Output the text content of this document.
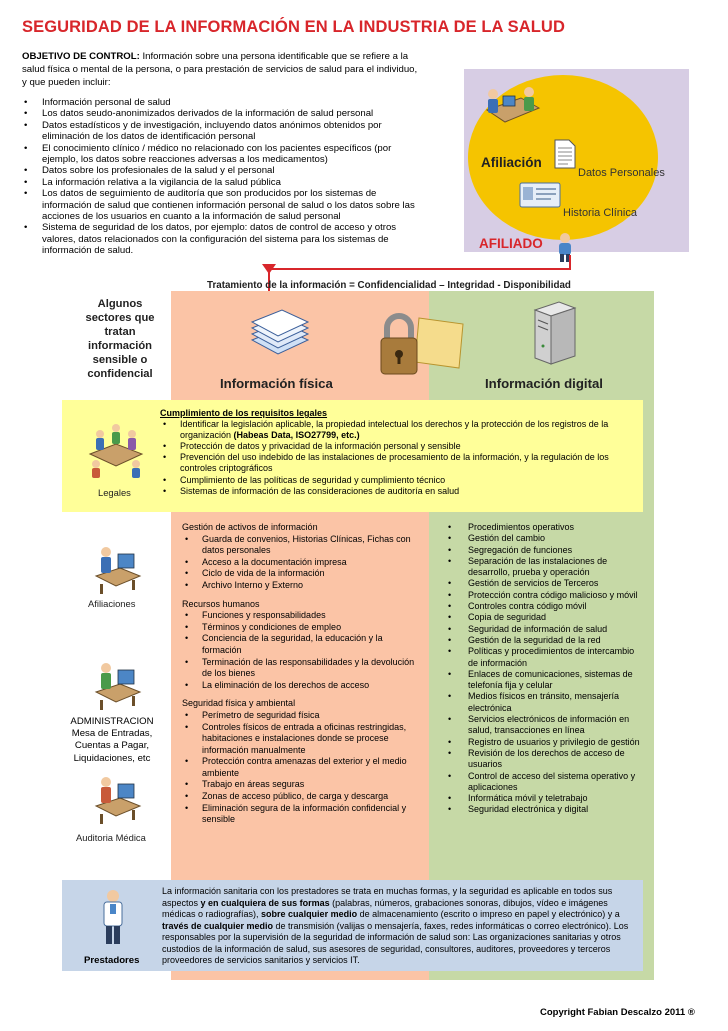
SEGURIDAD DE LA INFORMACIÓN EN LA INDUSTRIA DE LA SALUD
OBJETIVO DE CONTROL: Información sobre una persona identificable que se refiere a la salud física o mental de la persona, o para prestación de servicios de salud para el individuo, y que pueden incluir:
• Información personal de salud
• Los datos seudo-anonimizados derivados de la información de salud personal
• Datos estadísticos y de investigación, incluyendo datos anónimos obtenidos por eliminación de los datos de identificación personal
• El conocimiento clínico / médico no relacionado con los pacientes específicos (por ejemplo, los datos sobre reacciones adversas a los medicamentos)
• Datos sobre los profesionales de la salud y el personal
• La información relativa a la vigilancia de la salud pública
• Los datos de seguimiento de auditoría que son producidos por los sistemas de información de salud que contienen información personal de salud o los datos sobre las acciones de los usuarios en cuanto a la información de salud personal
• Sistema de seguridad de los datos, por ejemplo: datos de control de acceso y otros valores, datos relacionados con la configuración del sistema para los sistemas de información de salud.
Afiliación
Datos Personales
Historia Clínica
AFILIADO
Tratamiento de la información = Confidencialidad – Integridad - Disponibilidad
Algunos sectores que tratan información sensible o confidencial
Información física	Información digital
Cumplimiento de los requisitos legales
• Identificar la legislación aplicable, la propiedad intelectual los derechos y la protección de los registros de la organización (Habeas Data, ISO27799, etc.)
• Protección de datos y privacidad de la información personal y sensible
• Prevención del uso indebido de las instalaciones de procesamiento de la información, y la regulación de los controles criptográficos
• Cumplimiento de las políticas de seguridad y cumplimiento técnico
• Sistemas de información de las consideraciones de auditoría en salud
Legales
Gestión de activos de información
• Guarda de convenios, Historias Clínicas, Fichas con datos personales
• Acceso a la documentación impresa
• Ciclo de vida de la información
• Archivo Interno y Externo
Recursos humanos
• Funciones y responsabilidades
• Términos y condiciones de empleo
• Conciencia de la seguridad, la educación y la formación
• Terminación de las responsabilidades y la devolución de los bienes
• La eliminación de los derechos de acceso
Seguridad física y ambiental
• Perímetro de seguridad física
• Controles físicos de entrada a oficinas restringidas, habitaciones e instalaciones donde se procese información manualmente
• Protección contra amenazas del exterior y el medio ambiente
• Trabajo en áreas seguras
• Zonas de acceso público, de carga y descarga
• Eliminación segura de la información confidencial y sensible
• Procedimientos operativos
• Gestión del cambio
• Segregación de funciones
• Separación de las instalaciones de desarrollo, prueba y operación
• Gestión de servicios de Terceros
• Protección contra código malicioso y móvil
• Controles contra código móvil
• Copia de seguridad
• Seguridad de información de salud
• Gestión de la seguridad de la red
• Políticas y procedimientos de intercambio de información
• Enlaces de comunicaciones, sistemas de telefonía fija y celular
• Medios físicos en tránsito, mensajería electrónica
• Servicios electrónicos de información en salud, transacciones en línea
• Registro de usuarios y privilegio de gestión
• Revisión de los derechos de acceso de usuarios
• Control de acceso del sistema operativo y aplicaciones
• Informática móvil y teletrabajo
• Seguridad electrónica y digital
Afiliaciones
ADMINISTRACION Mesa de Entradas, Cuentas a Pagar, Liquidaciones, etc
Auditoria Médica
Prestadores
La información sanitaria con los prestadores se trata en muchas formas, y la seguridad es aplicable en todos sus aspectos y en cualquiera de sus formas (palabras, números, grabaciones sonoras, dibujos, vídeo e imágenes médicas o radiografías), sobre cualquier medio de almacenamiento (escrito o impreso en papel y electrónico) y a través de cualquier medio de transmisión (valijas o mensajería, faxes, redes informáticas o correo electrónico). Los responsables por la supervisión de la seguridad de información de salud son: Las organizaciones sanitarias y otros custodios de la información de salud, sus asesores de seguridad, consultores, auditores, proveedores y terceros proveedores de servicios sanitarios y servicios IT.
Copyright Fabian Descalzo 2011 ®
